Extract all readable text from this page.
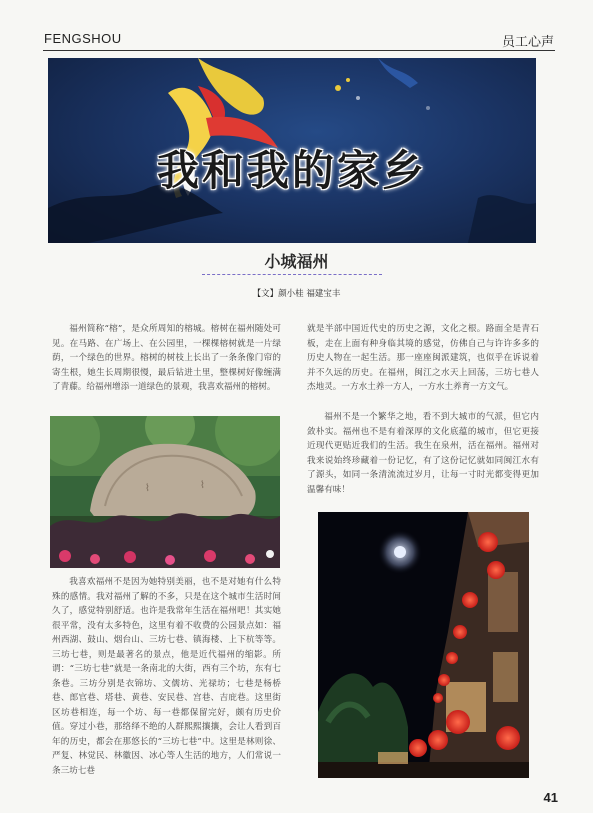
FENGSHOU	员工心声
我和我的家乡
小城福州
【文】颜小桂 福建宝丰

福州简称“榕”，是众所周知的榕城。榕树在福州随处可见。在马路、在广场上、在公园里，一棵棵榕树就是一片绿荫，一个绿色的世界。榕树的树枝上长出了一条条像门帘的寄生根，她生长周期很慢，最后钻进土里，整棵树好像缠满了青藤。给福州增添一道绿色的景观，我喜欢福州的榕树。

⌇	⌇

我喜欢福州不是因为她特别美丽，也不是对她有什么特殊的感情。我对福州了解的不多，只是在这个城市生活时间久了，感觉特别舒适。也许是我常年生活在福州吧！其实她很平常，没有太多特色，这里有着不收费的公园景点如：福州西湖、鼓山、烟台山、三坊七巷、镇海楼、上下杭等等。三坊七巷，则是最著名的景点，他是近代福州的缩影。所谓：“三坊七巷”就是一条南北的大街，西有三个坊，东有七条巷。三坊分别是衣锦坊、文儒坊、光禄坊；七巷是杨桥巷、郎官巷、塔巷、黄巷、安民巷、宫巷、吉庇巷。这里街区坊巷相连，每一个坊、每一巷都保留完好，颇有历史价值。穿过小巷，那络绎不绝的人群熙熙攘攘，会让人看到百年的历史，都会在那悠长的“三坊七巷”中。这里是林则徐、严复、林觉民、林徽因、冰心等人生活的地方，人们常说一条三坊七巷

就是半部中国近代史的历史之源，文化之根。路面全是青石板，走在上面有种身临其境的感觉，仿佛自己与许许多多的历史人物在一起生活。那一座座闽派建筑，也似乎在诉说着并不久远的历史。在福州，闽江之水天上回荡，三坊七巷人杰地灵。一方水土养一方人，一方水土养育一方文气。

福州不是一个繁华之地，看不到大城市的气派，但它内敛朴实。福州也不是有着深厚的文化底蕴的城市，但它更接近现代更贴近我们的生活。我生在泉州，活在福州。福州对我来说始终珍藏着一份记忆，有了这份记忆就如同闽江水有了源头，如同一条清流流过岁月，让每一寸时光都变得更加温馨有味！

41
